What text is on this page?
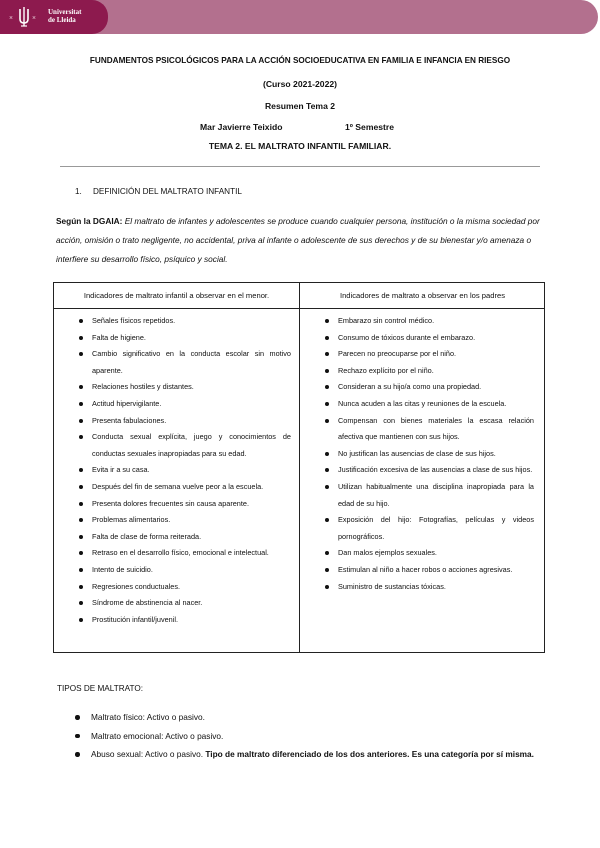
×	×
Universitat
de Lleida
FUNDAMENTOS PSICOLÓGICOS PARA LA ACCIÓN SOCIOEDUCATIVA EN FAMILIA E INFANCIA EN RIESGO
(Curso 2021-2022)
Resumen Tema 2
Mar Javierre Teixido	1º Semestre
TEMA 2. EL MALTRATO INFANTIL FAMILIAR.
1. DEFINICIÓN DEL MALTRATO INFANTIL
Según la DGAIA: El maltrato de infantes y adolescentes se produce cuando cualquier persona, institución o la misma sociedad por acción, omisión o trato negligente, no accidental, priva al infante o adolescente de sus derechos y de su bienestar y/o amenaza o interfiere su desarrollo físico, psíquico y social.
Indicadores de maltrato infantil a observar en el menor.	Indicadores de maltrato a observar en los padres
Señales físicos repetidos.
Falta de higiene.
Cambio significativo en la conducta escolar sin motivo aparente.
Relaciones hostiles y distantes.
Actitud hipervigilante.
Presenta fabulaciones.
Conducta sexual explícita, juego y conocimientos de conductas sexuales inapropiadas para su edad.
Evita ir a su casa.
Después del fin de semana vuelve peor a la escuela.
Presenta dolores frecuentes sin causa aparente.
Problemas alimentarios.
Falta de clase de forma reiterada.
Retraso en el desarrollo físico, emocional e intelectual.
Intento de suicidio.
Regresiones conductuales.
Síndrome de abstinencia al nacer.
Prostitución infantil/juvenil.
Embarazo sin control médico.
Consumo de tóxicos durante el embarazo.
Parecen no preocuparse por el niño.
Rechazo explícito por el niño.
Consideran a su hijo/a como una propiedad.
Nunca acuden a las citas y reuniones de la escuela.
Compensan con bienes materiales la escasa relación afectiva que mantienen con sus hijos.
No justifican las ausencias de clase de sus hijos.
Justificación excesiva de las ausencias a clase de sus hijos.
Utilizan habitualmente una disciplina inapropiada para la edad de su hijo.
Exposición del hijo: Fotografías, películas y videos pornográficos.
Dan malos ejemplos sexuales.
Estimulan al niño a hacer robos o acciones agresivas.
Suministro de sustancias tóxicas.
TIPOS DE MALTRATO:
Maltrato físico: Activo o pasivo.
Maltrato emocional: Activo o pasivo.
Abuso sexual: Activo o pasivo. Tipo de maltrato diferenciado de los dos anteriores. Es una categoría por sí misma.
